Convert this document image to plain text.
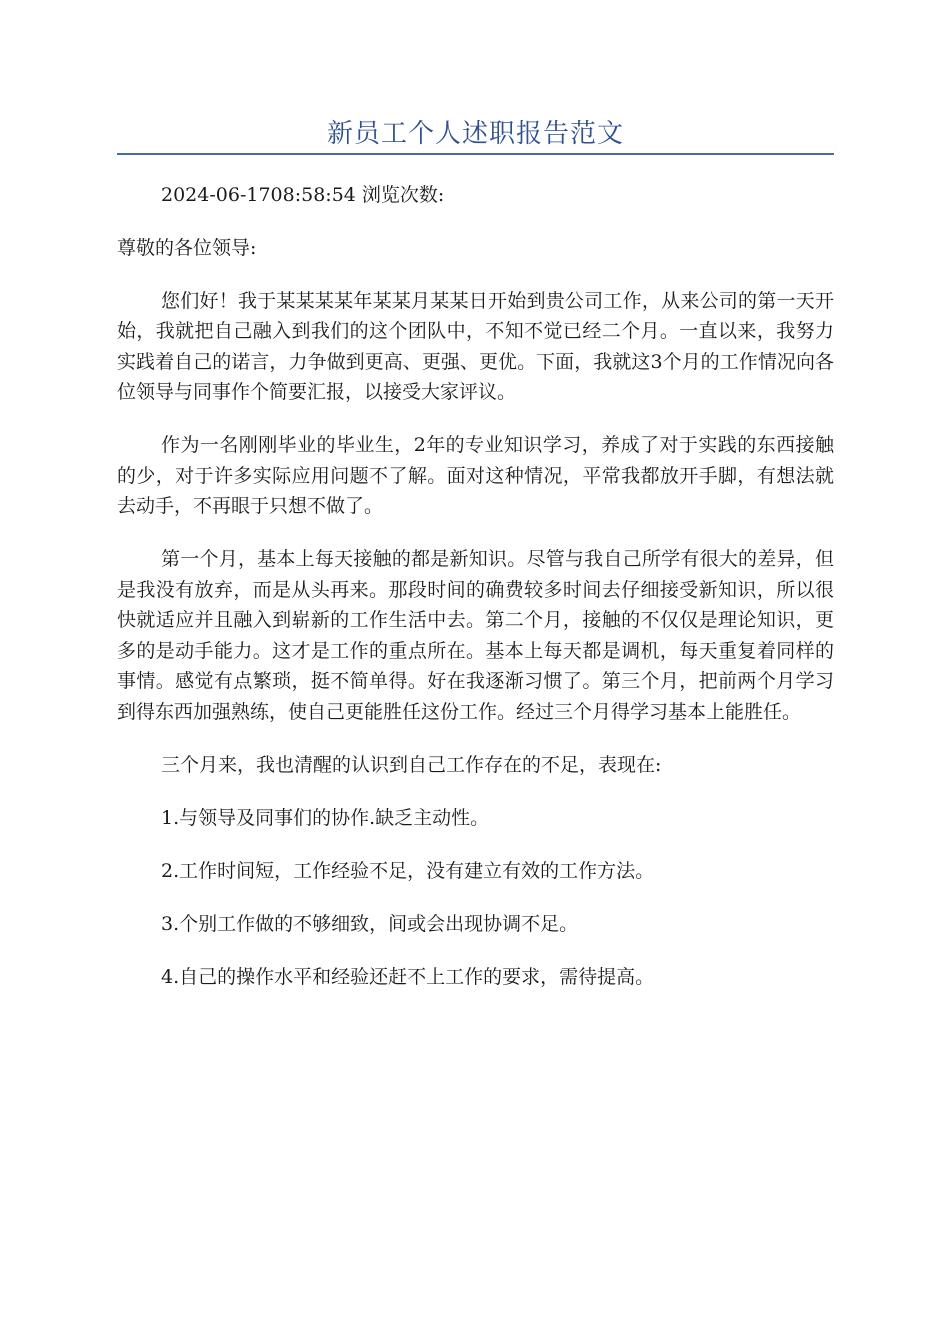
新员工个人述职报告范文

2024-06-1708:58:54 浏览次数:

尊敬的各位领导:

您们好！我于某某某某年某某月某某日开始到贵公司工作，从来公司的第一天开始，我就把自己融入到我们的这个团队中，不知不觉已经二个月。一直以来，我努力实践着自己的诺言，力争做到更高、更强、更优。下面，我就这3个月的工作情况向各位领导与同事作个简要汇报，以接受大家评议。

作为一名刚刚毕业的毕业生，2年的专业知识学习，养成了对于实践的东西接触的少，对于许多实际应用问题不了解。面对这种情况，平常我都放开手脚，有想法就去动手，不再眼于只想不做了。

第一个月，基本上每天接触的都是新知识。尽管与我自己所学有很大的差异，但是我没有放弃，而是从头再来。那段时间的确费较多时间去仔细接受新知识，所以很快就适应并且融入到崭新的工作生活中去。第二个月，接触的不仅仅是理论知识，更多的是动手能力。这才是工作的重点所在。基本上每天都是调机，每天重复着同样的事情。感觉有点繁琐，挺不简单得。好在我逐渐习惯了。第三个月，把前两个月学习到得东西加强熟练，使自己更能胜任这份工作。经过三个月得学习基本上能胜任。

三个月来，我也清醒的认识到自己工作存在的不足，表现在:

1.与领导及同事们的协作.缺乏主动性。

2.工作时间短，工作经验不足，没有建立有效的工作方法。

3.个别工作做的不够细致，间或会出现协调不足。

4.自己的操作水平和经验还赶不上工作的要求，需待提高。
